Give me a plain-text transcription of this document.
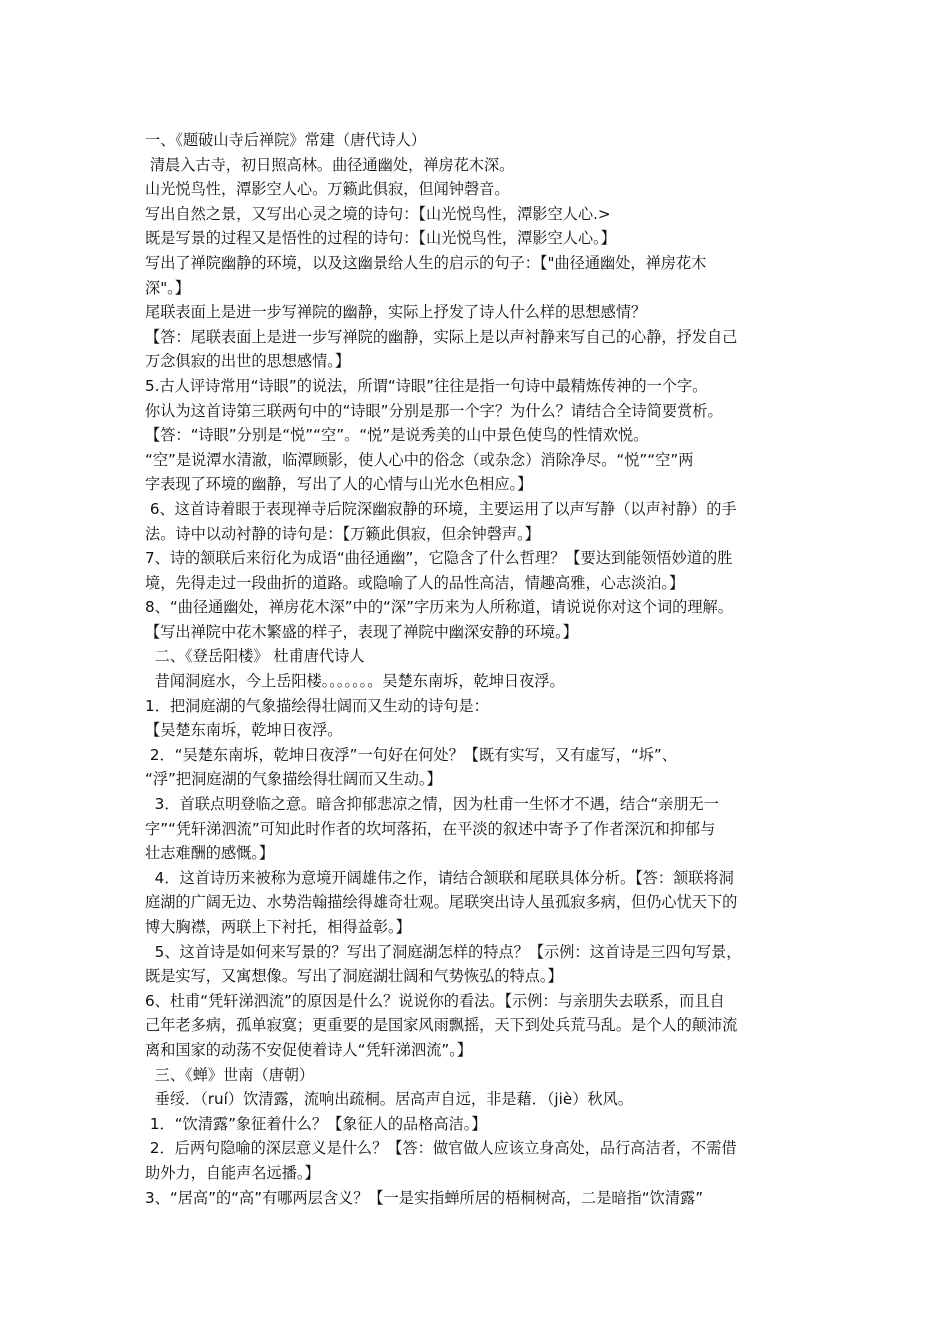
一、《题破山寺后禅院》常建（唐代诗人）
清晨入古寺，初日照高林。曲径通幽处，禅房花木深。
山光悦鸟性，潭影空人心。万籁此俱寂，但闻钟磬音。
写出自然之景，又写出心灵之境的诗句：【山光悦鸟性，潭影空人心.>
既是写景的过程又是悟性的过程的诗句：【山光悦鸟性，潭影空人心。】
写出了禅院幽静的环境，以及这幽景给人生的启示的句子：【"曲径通幽处，禅房花木
深"。】
尾联表面上是进一步写禅院的幽静，实际上抒发了诗人什么样的思想感情？
【答：尾联表面上是进一步写禅院的幽静，实际上是以声衬静来写自己的心静，抒发自己
万念俱寂的出世的思想感情。】
5.古人评诗常用“诗眼”的说法，所谓“诗眼”往往是指一句诗中最精炼传神的一个字。
你认为这首诗第三联两句中的“诗眼”分别是那一个字？为什么？请结合全诗简要赏析。
【答：“诗眼”分别是“悦”“空”。“悦”是说秀美的山中景色使鸟的性情欢悦。
“空”是说潭水清澈，临潭顾影，使人心中的俗念（或杂念）消除净尽。“悦”“空”两
字表现了环境的幽静，写出了人的心情与山光水色相应。】
6、这首诗着眼于表现禅寺后院深幽寂静的环境，主要运用了以声写静（以声衬静）的手
法。诗中以动衬静的诗句是：【万籁此俱寂，但余钟磬声。】
7、诗的颔联后来衍化为成语“曲径通幽”，它隐含了什么哲理？【要达到能领悟妙道的胜
境，先得走过一段曲折的道路。或隐喻了人的品性高洁，情趣高雅，心志淡泊。】
8、“曲径通幽处，禅房花木深”中的“深”字历来为人所称道，请说说你对这个词的理解。
【写出禅院中花木繁盛的样子，表现了禅院中幽深安静的环境。】
二、《登岳阳楼》 杜甫唐代诗人
昔闻洞庭水，今上岳阳楼。。。。。。。吴楚东南坼，乾坤日夜浮。
1．把洞庭湖的气象描绘得壮阔而又生动的诗句是：
【吴楚东南坼，乾坤日夜浮。
2．“吴楚东南坼，乾坤日夜浮”一句好在何处？【既有实写，又有虚写，“坼”、
“浮”把洞庭湖的气象描绘得壮阔而又生动。】
3．首联点明登临之意。暗含抑郁悲凉之情，因为杜甫一生怀才不遇，结合“亲朋无一
字”“凭轩涕泗流”可知此时作者的坎坷落拓，在平淡的叙述中寄予了作者深沉和抑郁与
壮志难酬的感慨。】
4．这首诗历来被称为意境开阔雄伟之作，请结合颔联和尾联具体分析。【答：颔联将洞
庭湖的广阔无边、水势浩翰描绘得雄奇壮观。尾联突出诗人虽孤寂多病，但仍心忧天下的
博大胸襟，两联上下衬托，相得益彰。】
5、这首诗是如何来写景的？写出了洞庭湖怎样的特点？【示例：这首诗是三四句写景，
既是实写，又寓想像。写出了洞庭湖壮阔和气势恢弘的特点。】
6、杜甫“凭轩涕泗流”的原因是什么？说说你的看法。【示例：与亲朋失去联系，而且自
己年老多病，孤单寂寞；更重要的是国家风雨飘摇，天下到处兵荒马乱。是个人的颠沛流
离和国家的动荡不安促使着诗人“凭轩涕泗流”。】
三、《蝉》世南（唐朝）
垂绥．（ruí）饮清露，流响出疏桐。居高声自远，非是藉．（jiè）秋风。
1．“饮清露”象征着什么？【象征人的品格高洁。】
2．后两句隐喻的深层意义是什么？【答：做官做人应该立身高处，品行高洁者，不需借
助外力，自能声名远播。】
3、“居高”的“高”有哪两层含义？【一是实指蝉所居的梧桐树高，二是暗指“饮清露”
